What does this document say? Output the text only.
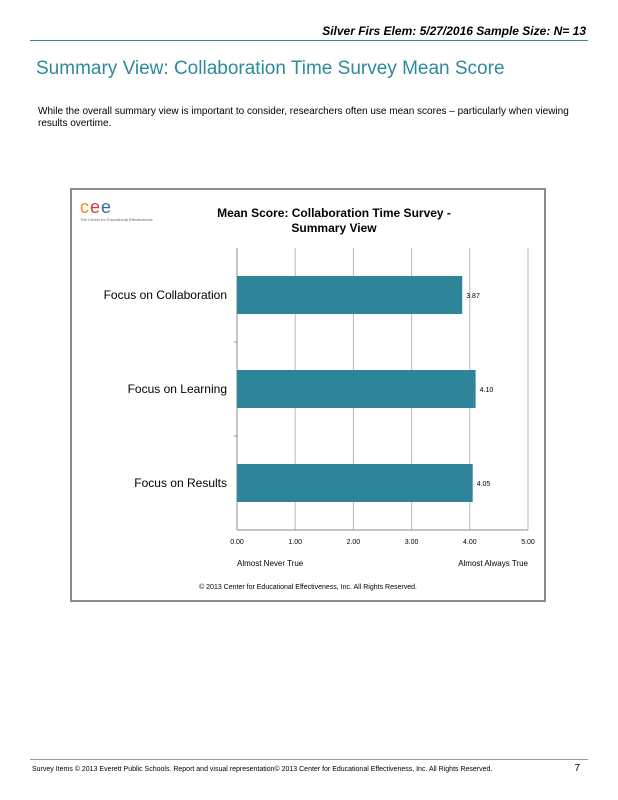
Silver Firs Elem: 5/27/2016 Sample Size: N= 13
Summary View: Collaboration Time Survey Mean Score
While the overall summary view is important to consider, researchers often use mean scores – particularly when viewing results overtime.
cee
The Center for Educational Effectiveness	Mean Score: Collaboration Time Survey -
Summary View
0.00	1.00	2.00	3.00	4.00	5.00
Focus on Collaboration	3.87
Focus on Learning	4.10
Focus on Results	4.05
Almost Never True	Almost Always True
© 2013 Center for Educational Effectiveness, Inc. All Rights Reserved.
Survey Items © 2013 Everett Public Schools. Report and visual representation© 2013 Center for Educational Effectiveness, Inc. All Rights Reserved.	7
